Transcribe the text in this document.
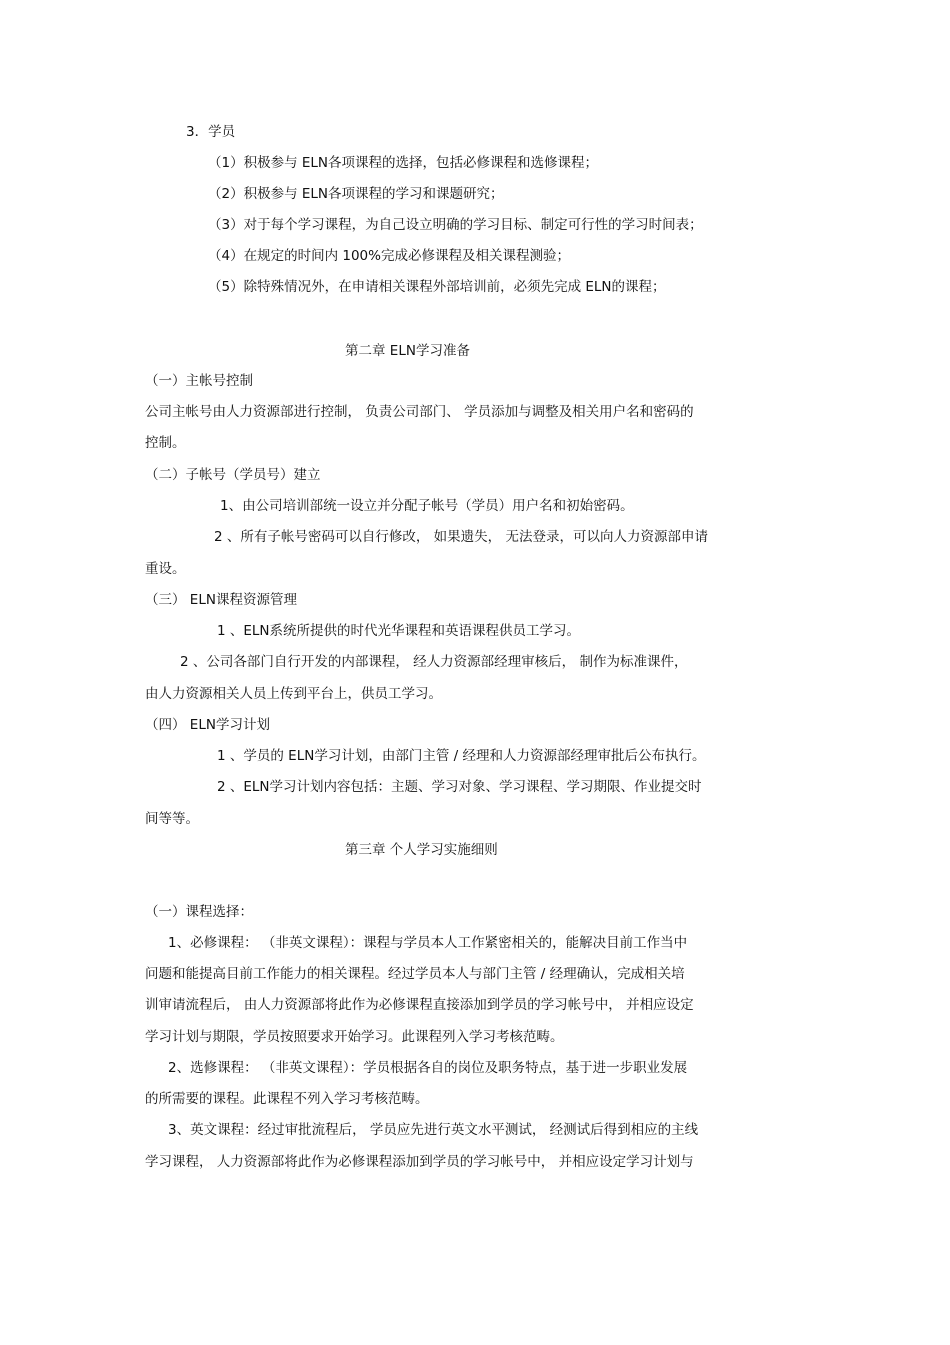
3．学员
（1）积极参与 ELN各项课程的选择，包括必修课程和选修课程；
（2）积极参与 ELN各项课程的学习和课题研究；
（3）对于每个学习课程，为自己设立明确的学习目标、制定可行性的学习时间表；
（4）在规定的时间内 100%完成必修课程及相关课程测验；
（5）除特殊情况外，在申请相关课程外部培训前，必须先完成 ELN的课程；
第二章 ELN学习准备
（一）主帐号控制
公司主帐号由人力资源部进行控制， 负责公司部门、 学员添加与调整及相关用户名和密码的
控制。
（二）子帐号（学员号）建立
1、由公司培训部统一设立并分配子帐号（学员）用户名和初始密码。
2 、所有子帐号密码可以自行修改， 如果遗失， 无法登录，可以向人力资源部申请
重设。
（三） ELN课程资源管理
1 、ELN系统所提供的时代光华课程和英语课程供员工学习。
2 、公司各部门自行开发的内部课程， 经人力资源部经理审核后， 制作为标准课件，
由人力资源相关人员上传到平台上，供员工学习。
（四） ELN学习计划
1 、学员的 ELN学习计划，由部门主管 / 经理和人力资源部经理审批后公布执行。
2 、ELN学习计划内容包括：主题、学习对象、学习课程、学习期限、作业提交时
间等等。
第三章 个人学习实施细则
（一）课程选择：
1、必修课程： （非英文课程）：课程与学员本人工作紧密相关的，能解决目前工作当中
问题和能提高目前工作能力的相关课程。经过学员本人与部门主管 / 经理确认，完成相关培
训审请流程后， 由人力资源部将此作为必修课程直接添加到学员的学习帐号中， 并相应设定
学习计划与期限，学员按照要求开始学习。此课程列入学习考核范畴。
2、选修课程： （非英文课程）：学员根据各自的岗位及职务特点，基于进一步职业发展
的所需要的课程。此课程不列入学习考核范畴。
3、英文课程：经过审批流程后， 学员应先进行英文水平测试， 经测试后得到相应的主线
学习课程， 人力资源部将此作为必修课程添加到学员的学习帐号中， 并相应设定学习计划与
